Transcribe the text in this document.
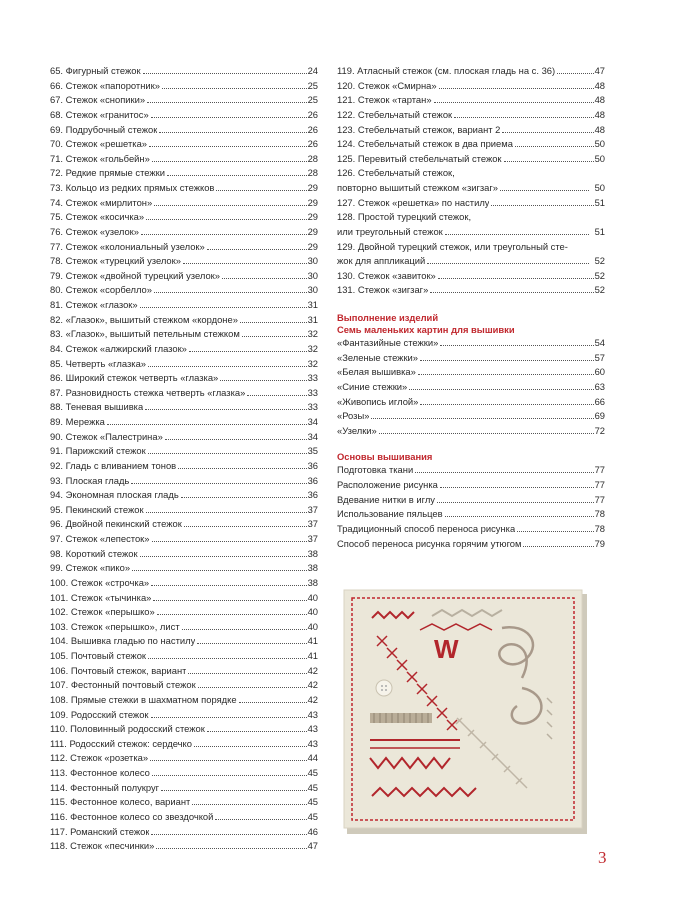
65. Фигурный стежок	24
66. Стежок «папоротник»	25
67. Стежок «снопики»	25
68. Стежок «гранитос»	26
69. Подрубочный стежок	26
70. Стежок «решетка»	26
71. Стежок «гольбейн»	28
72. Редкие прямые стежки	28
73. Кольцо из редких прямых стежков	29
74. Стежок «мирлитон»	29
75. Стежок «косичка»	29
76. Стежок «узелок»	29
77. Стежок «колониальный узелок»	29
78. Стежок «турецкий узелок»	30
79. Стежок «двойной турецкий узелок»	30
80. Стежок «сорбелло»	30
81. Стежок «глазок»	31
82. «Глазок», вышитый стежком «кордоне»	31
83. «Глазок», вышитый петельным стежком	32
84. Стежок «алжирский глазок»	32
85. Четверть «глазка»	32
86. Широкий стежок четверть «глазка»	33
87. Разновидность стежка четверть «глазка»	33
88. Теневая вышивка	33
89. Мережка	34
90. Стежок «Палестрина»	34
91. Парижский стежок	35
92. Гладь с вливанием тонов	36
93. Плоская гладь	36
94. Экономная плоская гладь	36
95. Пекинский стежок	37
96. Двойной пекинский стежок	37
97. Стежок «лепесток»	37
98. Короткий стежок	38
99. Стежок «пико»	38
100. Стежок «строчка»	38
101. Стежок «тычинка»	40
102. Стежок «перышко»	40
103. Стежок «перышко», лист	40
104. Вышивка гладью по настилу	41
105. Почтовый стежок	41
106. Почтовый стежок, вариант	42
107. Фестонный почтовый стежок	42
108. Прямые стежки в шахматном порядке	42
109. Родосский стежок	43
110. Половинный родосский стежок	43
111. Родосский стежок: сердечко	43
112. Стежок «розетка»	44
113. Фестонное колесо	45
114. Фестонный полукруг	45
115. Фестонное колесо, вариант	45
116. Фестонное колесо со звездочкой	45
117. Романский стежок	46
118. Стежок «песчинки»	47
119. Атласный стежок (см. плоская гладь на с. 36)	47
120. Стежок «Смирна»	48
121. Стежок «тартан»	48
122. Стебельчатый стежок	48
123. Стебельчатый стежок, вариант 2	48
124. Стебельчатый стежок в два приема	50
125. Перевитый стебельчатый стежок	50
126. Стебельчатый стежок,
повторно вышитый стежком «зигзаг»	50
127. Стежок «решетка» по настилу	51
128. Простой турецкий стежок,
или треугольный стежок	51
129. Двойной турецкий стежок, или треугольный сте-
жок для аппликаций	52
130. Стежок «завиток»	52
131. Стежок «зигзаг»	52
Выполнение изделий
Семь маленьких картин для вышивки
«Фантазийные стежки»	54
«Зеленые стежки»	57
«Белая вышивка»	60
«Синие стежки»	63
«Живопись иглой»	66
«Розы»	69
«Узелки»	72
Основы вышивания
Подготовка ткани	77
Расположение рисунка	77
Вдевание нитки в иглу	77
Использование пяльцев	78
Традиционный способ переноса рисунка	78
Способ переноса рисунка горячим утюгом	79
W
3
